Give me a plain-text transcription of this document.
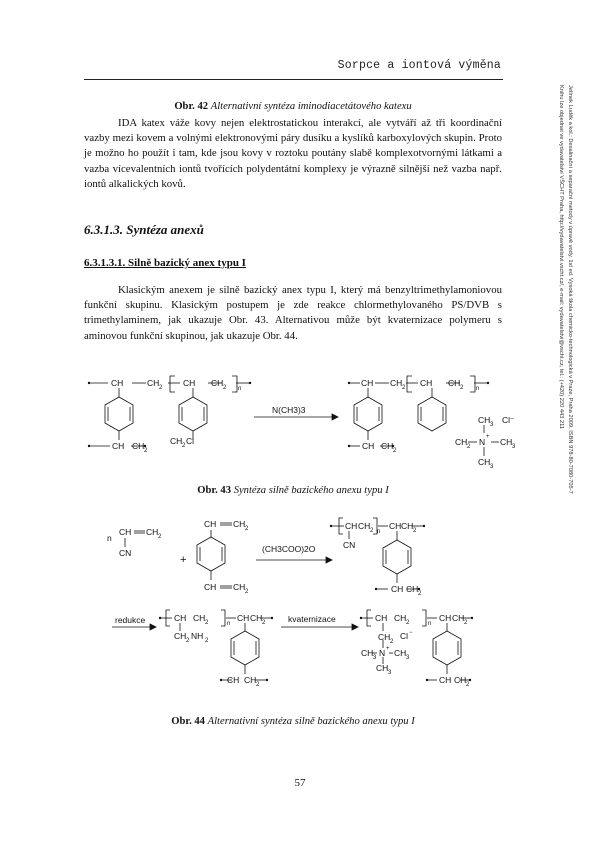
Sorpce a iontová výměna
Jelínek Luděk a kol.: Desalinační a separační metody v úpravě vody. 1st ed. Vysoká škola chemicko-technologická v Praze, Praha 2009. ISBN 978-80-7080-705-7
Knihu lze objednat ve vydavatelství VŠCHT Praha, http://vydavatelstvi.vscht.cz/, e-mail: vydavatelstvi@vscht.cz, tel.: (+420) 220 443 211
Obr. 42 Alternativní syntéza iminodiacetátového katexu
IDA katex váže kovy nejen elektrostatickou interakcí, ale vytváří až tři koordinační vazby mezi kovem a volnými elektronovými páry dusíku a kyslíků karboxylových skupin. Proto je možno ho použít i tam, kde jsou kovy v roztoku poutány slabě komplexotvornými látkami a vazba vícevalentních iontů tvořících polydentátní komplexy je výrazně silnější než vazba např. iontů alkalických kovů.
6.3.1.3. Syntéza anexů
6.3.1.3.1. Silně bazický anex typu I
Klasickým anexem je silně bazický anex typu I, který má benzyltrimethylamoniovou funkční skupinu. Klasickým postupem je zde reakce chlormethylovaného PS/DVB s trimethylaminem, jak ukazuje Obr. 43. Alternativou může být kvaternizace polymeru s aminovou funkční skupinou, jak ukazuje Obr. 44.
CH	CH 2 CH CH 2 n
CH CH 2
CH 2 Cl
N(CH3)3
CH CH 2 CH CH 2 n
CH CH 2
CH 3 Cl⁻
CH 2 N + CH 3
CH 3
n
CH CH 2
CN
+
CH CH 2
CH CH 2
(CH3COO)2O
CH CH 2 n
CN
CH CH 2
CH CH 2
redukce	CH CH 2	n
CH 2 NH 2
CH CH 2
CH CH 2
kvaternizace	CH CH 2	n
CH 2
Cl −
CH 3 N + CH 3
CH 3
CH CH 2
CH CH 2
Obr. 43 Syntéza silně bazického anexu typu I
Obr. 44 Alternativní syntéza silně bazického anexu typu I
57
